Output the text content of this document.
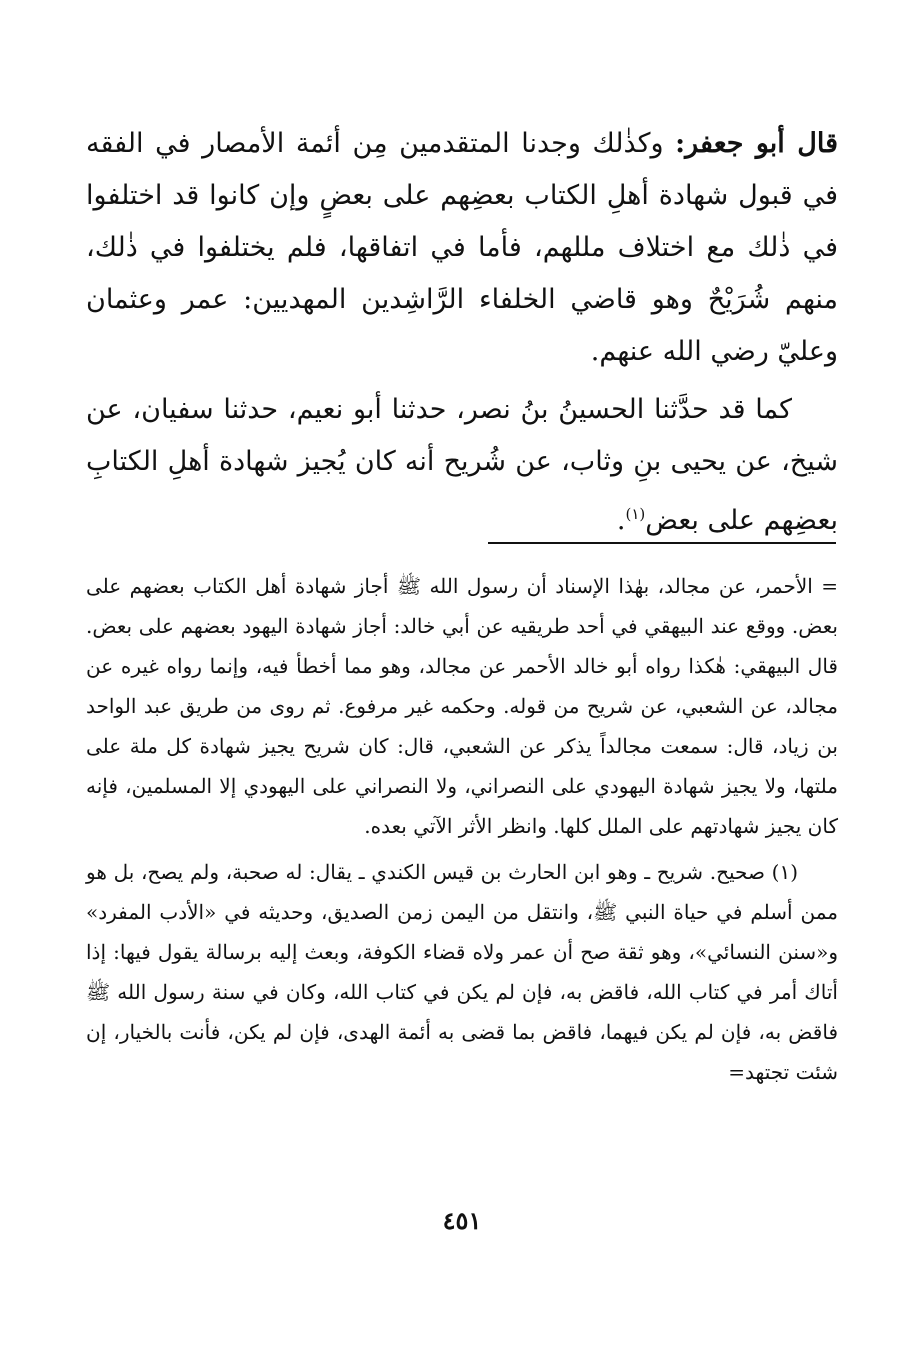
قال أبو جعفر: وكذٰلك وجدنا المتقدمين مِن أئمة الأمصار في الفقه في قبول شهادة أهلِ الكتاب بعضِهم على بعضٍ وإن كانوا قد اختلفوا في ذٰلك مع اختلاف مللهم، فأما في اتفاقها، فلم يختلفوا في ذٰلك، منهم شُرَيْحٌ وهو قاضي الخلفاء الرَّاشِدين المهديين: عمر وعثمان وعليّ رضي الله عنهم.

كما قد حدَّثنا الحسينُ بنُ نصر، حدثنا أبو نعيم، حدثنا سفيان، عن شيخ، عن يحيى بنِ وثاب، عن شُريح أنه كان يُجيز شهادة أهلِ الكتابِ بعضِهم على بعض$^{(١)}$.

= الأحمر، عن مجالد، بهٰذا الإسناد أن رسول الله ﷺ أجاز شهادة أهل الكتاب بعضهم على بعض. ووقع عند البيهقي في أحد طريقيه عن أبي خالد: أجاز شهادة اليهود بعضهم على بعض. قال البيهقي: هٰكذا رواه أبو خالد الأحمر عن مجالد، وهو مما أخطأ فيه، وإنما رواه غيره عن مجالد، عن الشعبي، عن شريح من قوله. وحكمه غير مرفوع. ثم روى من طريق عبد الواحد بن زياد، قال: سمعت مجالداً يذكر عن الشعبي، قال: كان شريح يجيز شهادة كل ملة على ملتها، ولا يجيز شهادة اليهودي على النصراني، ولا النصراني على اليهودي إلا المسلمين، فإنه كان يجيز شهادتهم على الملل كلها. وانظر الأثر الآتي بعده.

(١) صحيح. شريح ـ وهو ابن الحارث بن قيس الكندي ـ يقال: له صحبة، ولم يصح، بل هو ممن أسلم في حياة النبي ﷺ، وانتقل من اليمن زمن الصديق، وحديثه في «الأدب المفرد» و«سنن النسائي»، وهو ثقة صح أن عمر ولاه قضاء الكوفة، وبعث إليه برسالة يقول فيها: إذا أتاك أمر في كتاب الله، فاقض به، فإن لم يكن في كتاب الله، وكان في سنة رسول الله ﷺ فاقض به، فإن لم يكن فيهما، فاقض بما قضى به أئمة الهدى، فإن لم يكن، فأنت بالخيار، إن شئت تجتهد=

٤٥١
